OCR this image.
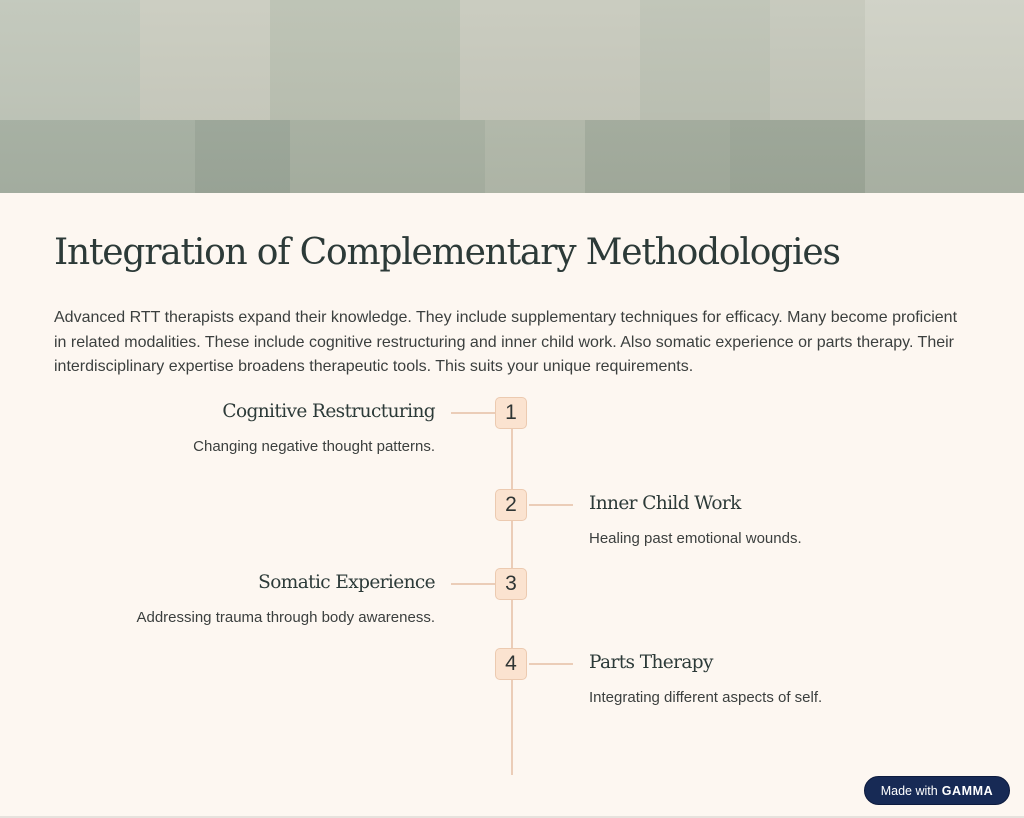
Integration of Complementary Methodologies

Advanced RTT therapists expand their knowledge. They include supplementary techniques for efficacy. Many become proficient in related modalities. These include cognitive restructuring and inner child work. Also somatic experience or parts therapy. Their interdisciplinary expertise broadens therapeutic tools. This suits your unique requirements.

1
Cognitive Restructuring

Changing negative thought patterns.

2	Inner Child Work

Healing past emotional wounds.

3
Somatic Experience

Addressing trauma through body awareness.

4	Parts Therapy

Integrating different aspects of self.

Made with GAMMA
